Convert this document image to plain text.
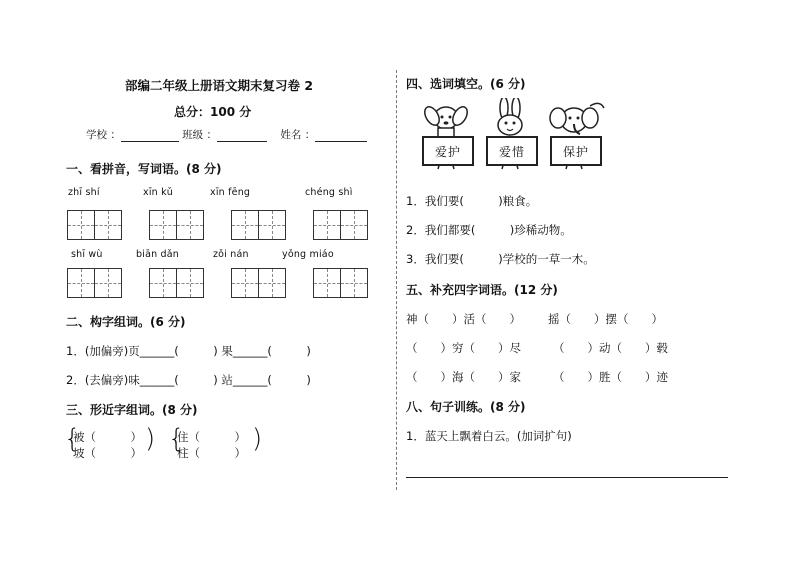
部编二年级上册语文期末复习卷 2
总分：100 分
学校 ：	班级 ：	姓名 ：
一、看拼音，写词语。(8 分)
zhī shí	xīn kǔ	xīn fēng	chéng shì
shī wù	biān dǎn	zǒi nán	yǒng miáo
二、构字组词。(6 分)
1．(加偏旁)页______(　　　) 果______(　　　)
2．(去偏旁)味______(　　　) 站______(　　　)
三、形近字组词。(8 分)
{
被（　　　）
坡（　　　） ) {
住（　　　）
柱（　　　） )
四、选词填空。(6 分)
爱护	爱惜	保护
1．我们要(　　　)粮食。
2．我们都要(　　　)珍稀动物。
3．我们要(　　　)学校的一草一木。
五、补充四字词语。(12 分)
神（　　）活（　　） 摇（　　）摆（　　）
（　　）穷（　　）尽	（　　）动（　　）毂
（　　）海（　　）家	（　　）胜（　　）迹
八、句子训练。(8 分)
1．蓝天上飘着白云。(加词扩句)
